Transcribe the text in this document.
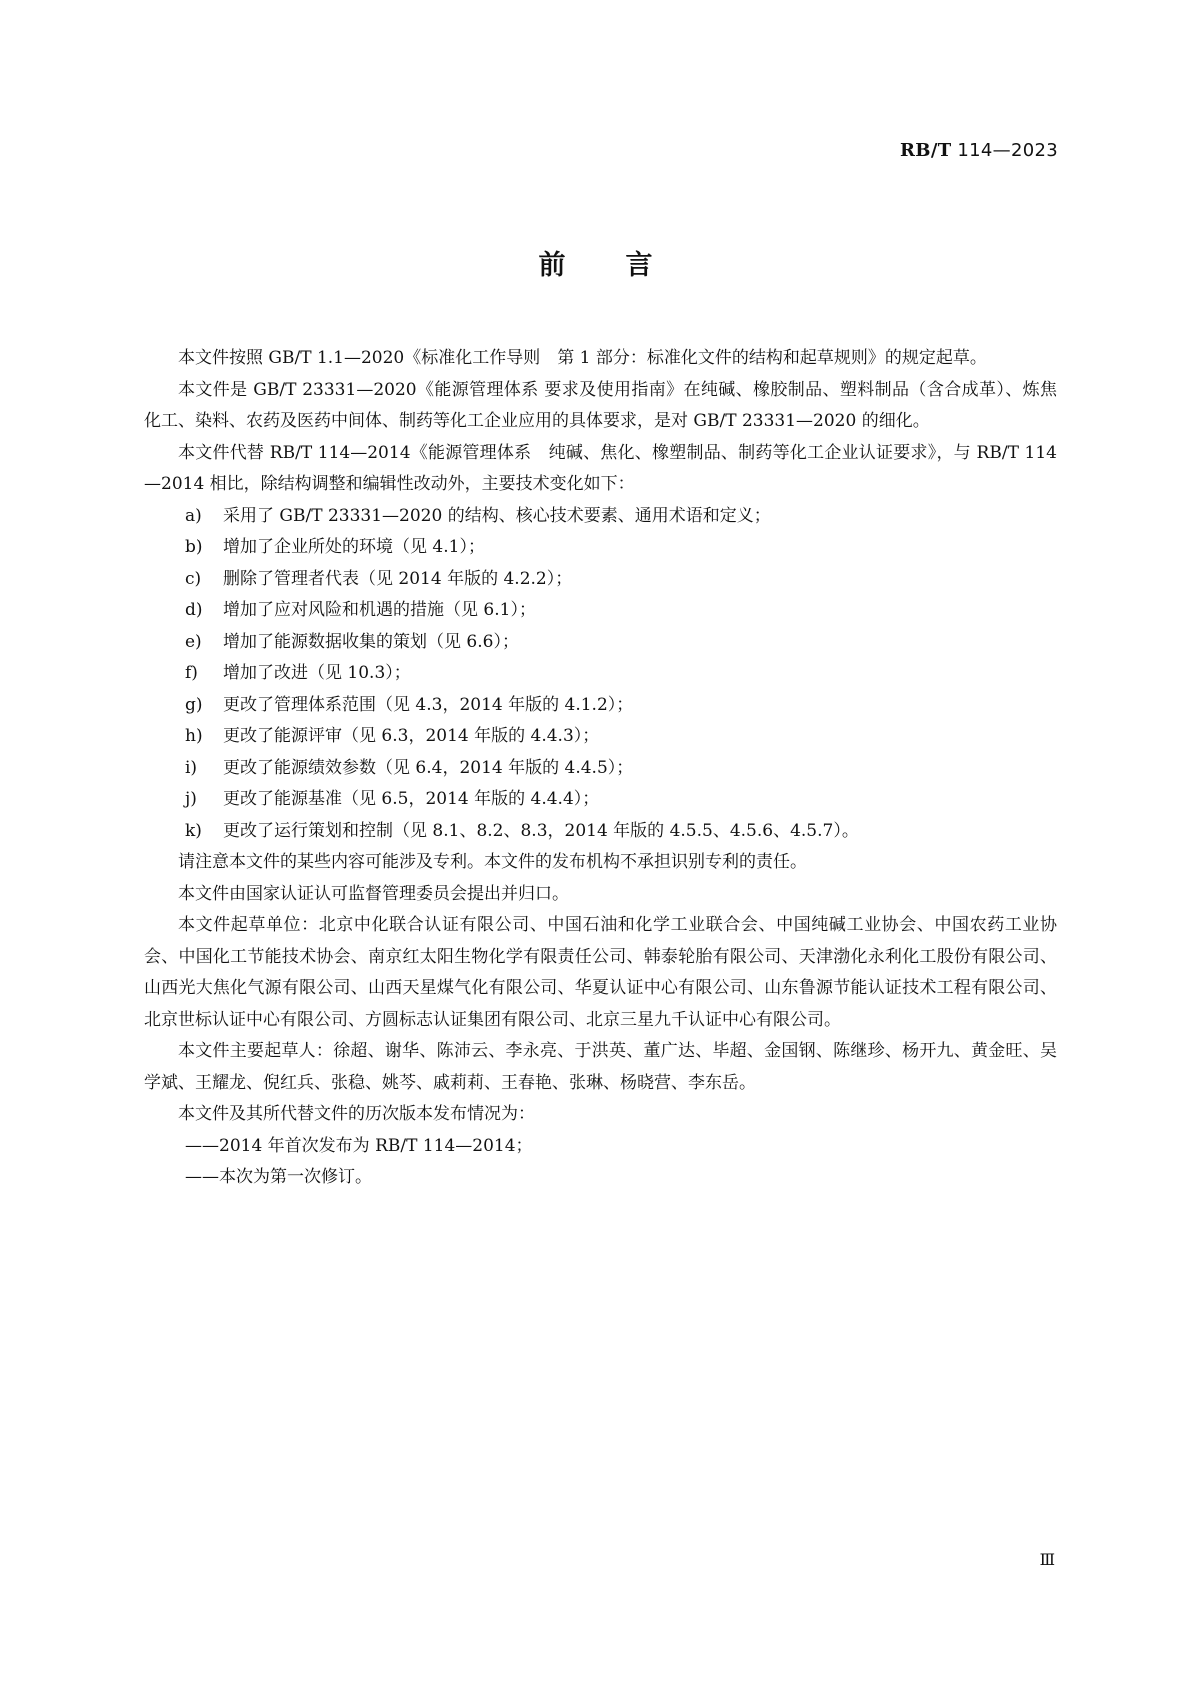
RB/T 114—2023
前言

本文件按照 GB/T 1.1—2020《标准化工作导则　第 1 部分：标准化文件的结构和起草规则》的规定起草。

本文件是 GB/T 23331—2020《能源管理体系 要求及使用指南》在纯碱、橡胶制品、塑料制品（含合成革）、炼焦化工、染料、农药及医药中间体、制药等化工企业应用的具体要求，是对 GB/T 23331—2020 的细化。

本文件代替 RB/T 114—2014《能源管理体系　纯碱、焦化、橡塑制品、制药等化工企业认证要求》，与 RB/T 114—2014 相比，除结构调整和编辑性改动外，主要技术变化如下：

a) 采用了 GB/T 23331—2020 的结构、核心技术要素、通用术语和定义；
b) 增加了企业所处的环境（见 4.1）；
c) 删除了管理者代表（见 2014 年版的 4.2.2）；
d) 增加了应对风险和机遇的措施（见 6.1）；
e) 增加了能源数据收集的策划（见 6.6）；
f) 增加了改进（见 10.3）；
g) 更改了管理体系范围（见 4.3，2014 年版的 4.1.2）；
h) 更改了能源评审（见 6.3，2014 年版的 4.4.3）；
i) 更改了能源绩效参数（见 6.4，2014 年版的 4.4.5）；
j) 更改了能源基准（见 6.5，2014 年版的 4.4.4）；
k) 更改了运行策划和控制（见 8.1、8.2、8.3，2014 年版的 4.5.5、4.5.6、4.5.7）。

请注意本文件的某些内容可能涉及专利。本文件的发布机构不承担识别专利的责任。

本文件由国家认证认可监督管理委员会提出并归口。

本文件起草单位：北京中化联合认证有限公司、中国石油和化学工业联合会、中国纯碱工业协会、中国农药工业协会、中国化工节能技术协会、南京红太阳生物化学有限责任公司、韩泰轮胎有限公司、天津渤化永利化工股份有限公司、山西光大焦化气源有限公司、山西天星煤气化有限公司、华夏认证中心有限公司、山东鲁源节能认证技术工程有限公司、北京世标认证中心有限公司、方圆标志认证集团有限公司、北京三星九千认证中心有限公司。

本文件主要起草人：徐超、谢华、陈沛云、李永亮、于洪英、董广达、毕超、金国钢、陈继珍、杨开九、黄金旺、吴学斌、王耀龙、倪红兵、张稳、姚芩、戚莉莉、王春艳、张琳、杨晓营、李东岳。

本文件及其所代替文件的历次版本发布情况为：

——2014 年首次发布为 RB/T 114—2014；
——本次为第一次修订。
Ⅲ
